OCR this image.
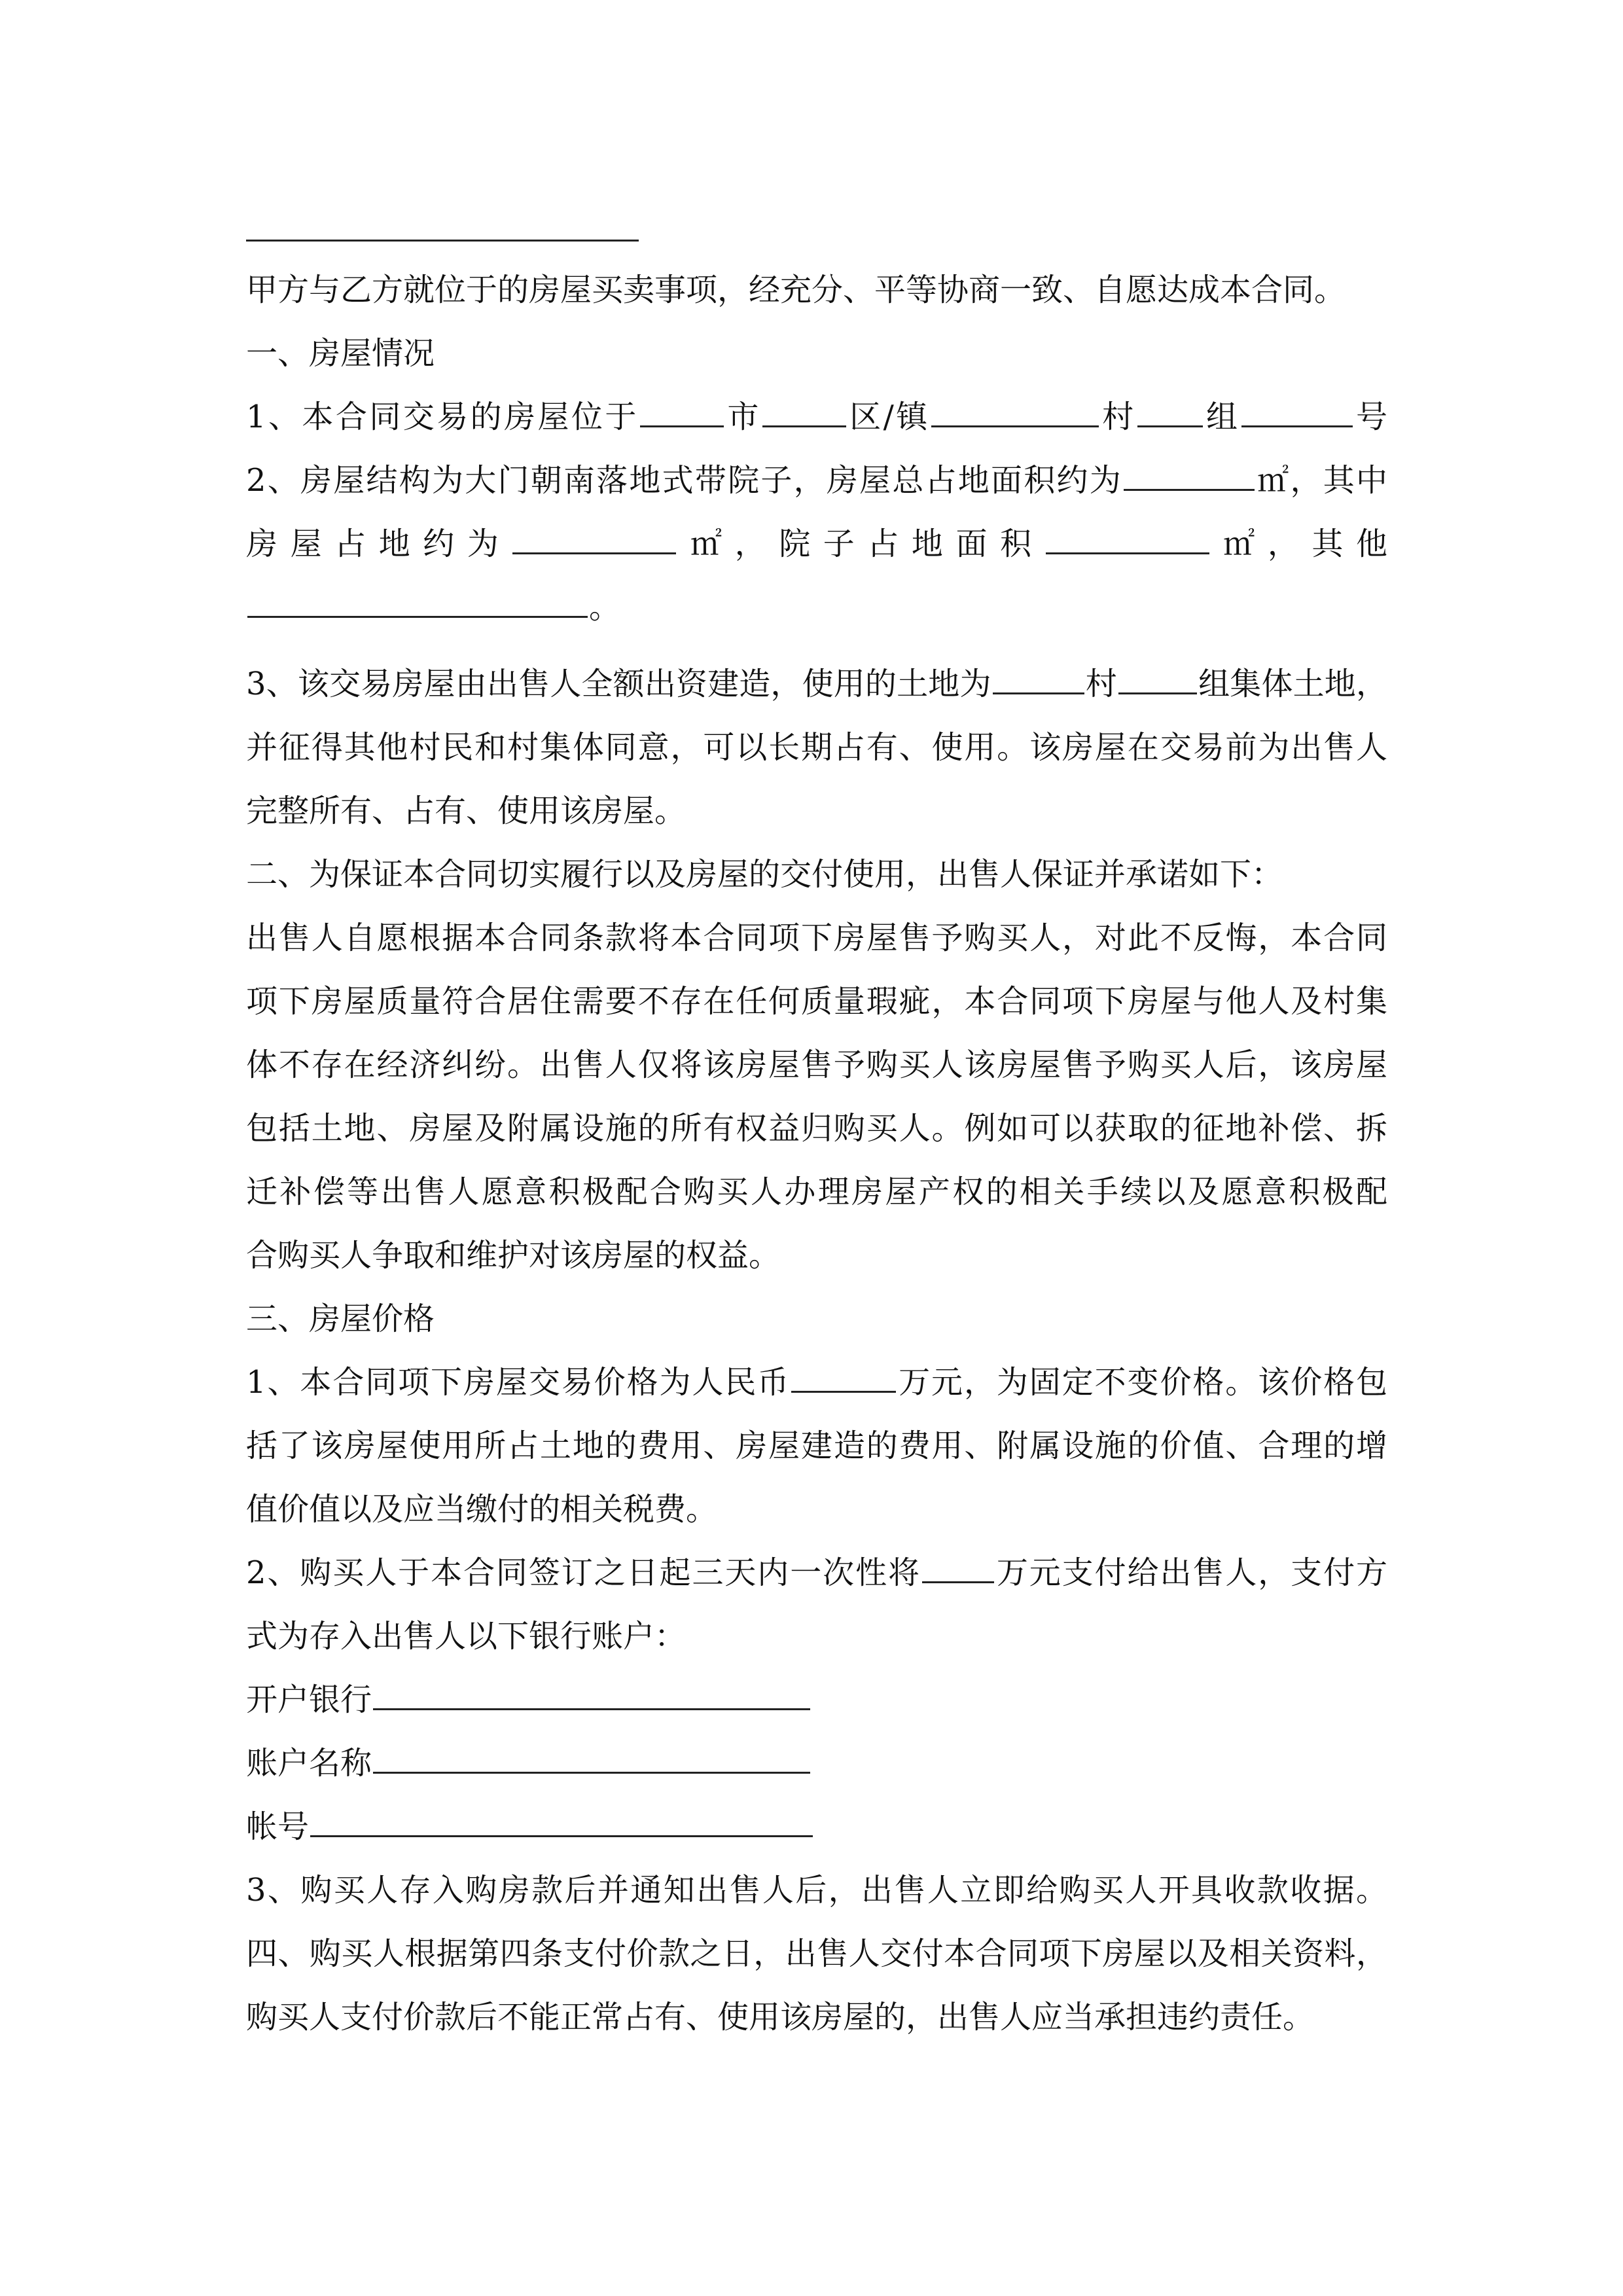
甲方与乙方就位于的房屋买卖事项，经充分、平等协商一致、自愿达成本合同。

一、房屋情况

1、本合同交易的房屋位于	市	区/镇	村 组	号

2、房屋结构为大门朝南落地式带院子，房屋总占地面积约为	㎡，其中

房屋占地约为	㎡，院子占地面积	㎡，其他

。

3、该交易房屋由出售人全额出资建造，使用的土地为	村	组集体土地，

并征得其他村民和村集体同意，可以长期占有、使用。该房屋在交易前为出售人

完整所有、占有、使用该房屋。

二、为保证本合同切实履行以及房屋的交付使用，出售人保证并承诺如下：

出售人自愿根据本合同条款将本合同项下房屋售予购买人，对此不反悔，本合同

项下房屋质量符合居住需要不存在任何质量瑕疵，本合同项下房屋与他人及村集

体不存在经济纠纷。出售人仅将该房屋售予购买人该房屋售予购买人后，该房屋

包括土地、房屋及附属设施的所有权益归购买人。例如可以获取的征地补偿、拆

迁补偿等出售人愿意积极配合购买人办理房屋产权的相关手续以及愿意积极配

合购买人争取和维护对该房屋的权益。

三、房屋价格

1、本合同项下房屋交易价格为人民币	万元，为固定不变价格。该价格包

括了该房屋使用所占土地的费用、房屋建造的费用、附属设施的价值、合理的增

值价值以及应当缴付的相关税费。

2、购买人于本合同签订之日起三天内一次性将 万元支付给出售人，支付方

式为存入出售人以下银行账户：

开户银行

账户名称

帐号

3、购买人存入购房款后并通知出售人后，出售人立即给购买人开具收款收据。

四、购买人根据第四条支付价款之日，出售人交付本合同项下房屋以及相关资料，

购买人支付价款后不能正常占有、使用该房屋的，出售人应当承担违约责任。
